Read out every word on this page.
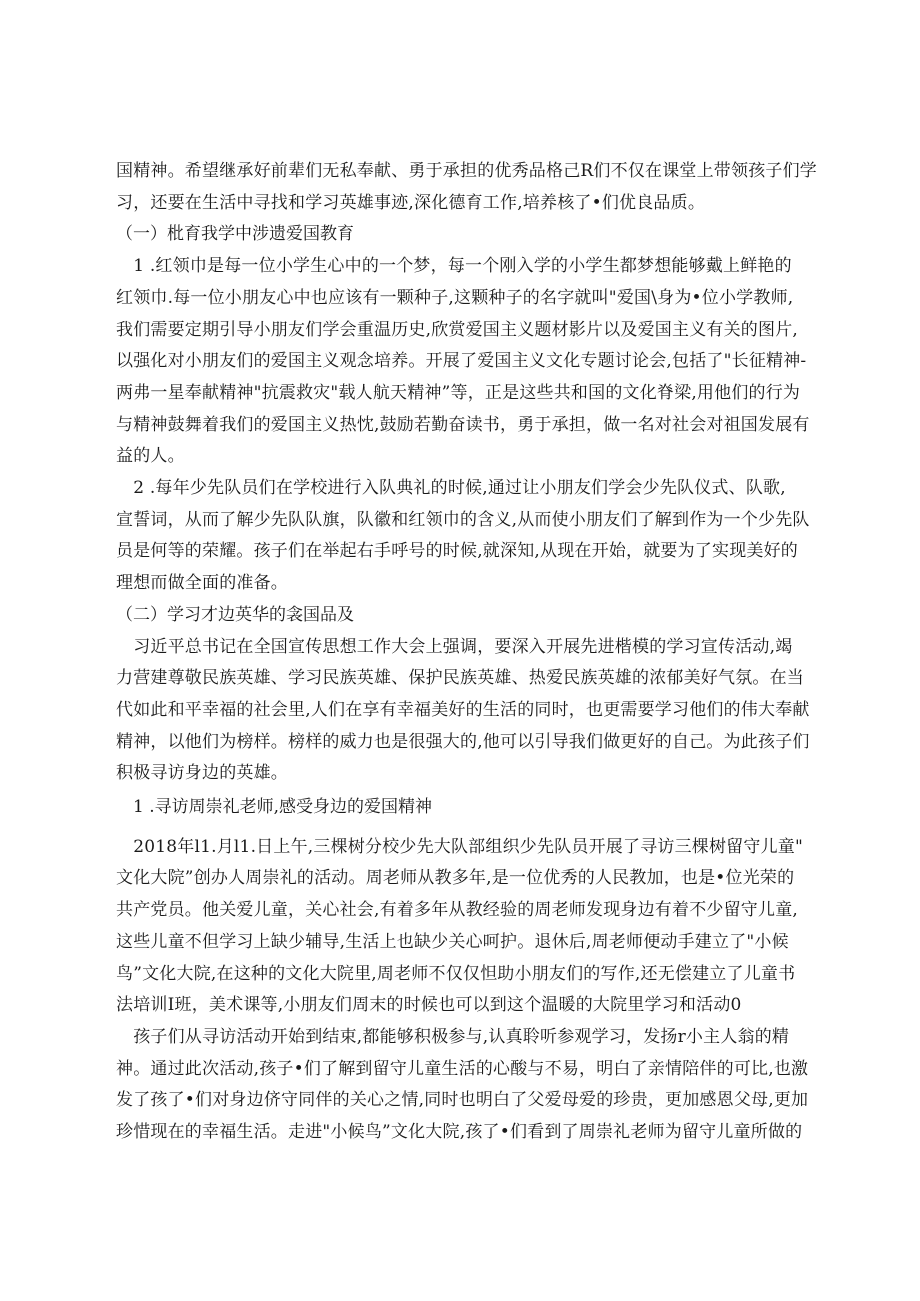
国精神。希望继承好前辈们无私奉献、勇于承担的优秀品格己R们不仅在课堂上带领孩子们学
习，还要在生活中寻找和学习英雄事迹,深化德育工作,培养核了•们优良品质。

（一）枇育我学中涉遗爱国教育

　1 .红领巾是每一位小学生心中的一个梦，每一个刚入学的小学生都梦想能够戴上鲜艳的
红领巾.每一位小朋友心中也应该有一颗种子,这颗种子的名字就叫"爱国\身为•位小学教师,
我们需要定期引导小朋友们学会重温历史,欣赏爱国主义题材影片以及爱国主义有关的图片,
以强化对小朋友们的爱国主义观念培养。开展了爱国主义文化专题讨论会,包括了"长征精神-
两弗一星奉献精神"抗震救灾"载人航天精神”等，正是这些共和国的文化脊梁,用他们的行为
与精神鼓舞着我们的爱国主义热忱,鼓励若勤奋读书，勇于承担，做一名对社会对祖国发展有
益的人。

　2 .每年少先队员们在学校进行入队典礼的时候,通过让小朋友们学会少先队仪式、队歌,
宣誓词，从而了解少先队队旗，队徽和红领巾的含义,从而使小朋友们了解到作为一个少先队
员是何等的荣耀。孩子们在举起右手呼号的时候,就深知,从现在开始，就要为了实现美好的
理想而做全面的准备。

（二）学习才边英华的衾国品及

　习近平总书记在全国宣传思想工作大会上强调，要深入开展先进楷模的学习宣传活动,竭
力营建尊敬民族英雄、学习民族英雄、保护民族英雄、热爱民族英雄的浓郁美好气氛。在当
代如此和平幸福的社会里,人们在享有幸福美好的生活的同时，也更需要学习他们的伟大奉献
精神，以他们为榜样。榜样的威力也是很强大的,他可以引导我们做更好的自己。为此孩子们
积极寻访身边的英雄。

　1 .寻访周崇礼老师,感受身边的爱国精神

　2018年l1.月l1.日上午,三棵树分校少先大队部组织少先队员开展了寻访三棵树留守儿童"
文化大院”创办人周崇礼的活动。周老师从教多年,是一位优秀的人民教加，也是•位光荣的
共产党员。他关爱儿童，关心社会,有着多年从教经验的周老师发现身边有着不少留守儿童,
这些儿童不但学习上缺少辅导,生活上也缺少关心呵护。退休后,周老师便动手建立了"小候
鸟”文化大院,在这种的文化大院里,周老师不仅仅怛助小朋友们的写作,还无偿建立了儿童书
法培训I班，美术课等,小朋友们周末的时候也可以到这个温暖的大院里学习和活动0

　孩子们从寻访活动开始到结束,都能够积极参与,认真聆听参观学习，发扬r小主人翁的精
神。通过此次活动,孩子•们了解到留守儿童生活的心酸与不易，明白了亲情陪伴的可比,也激
发了孩了•们对身边侪守同伴的关心之情,同时也明白了父爱母爱的珍贵，更加感恩父母,更加
珍惜现在的幸福生活。走进"小候鸟”文化大院,孩了•们看到了周崇礼老师为留守儿童所做的
